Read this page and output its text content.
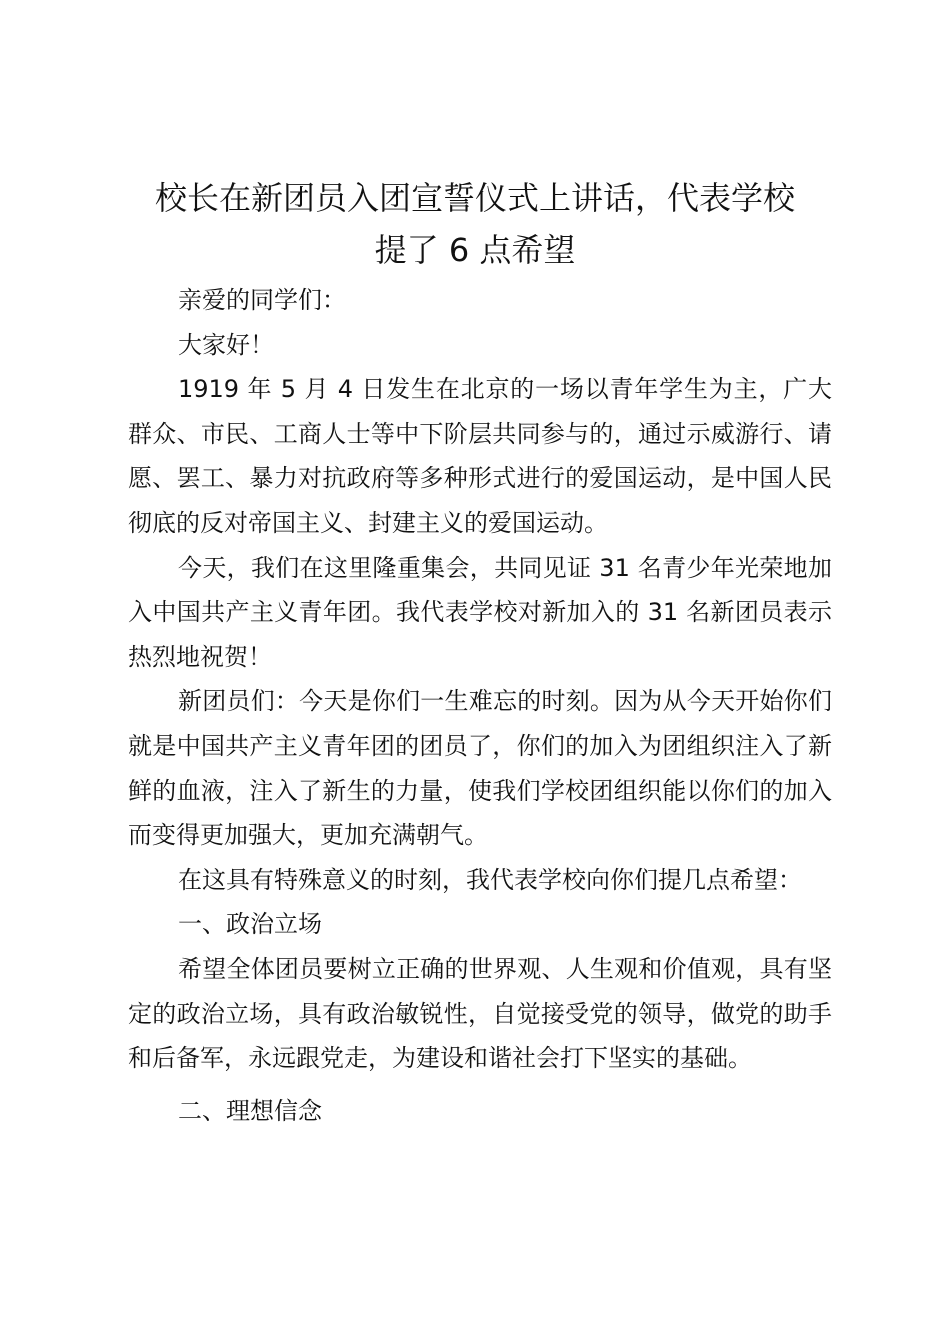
校长在新团员入团宣誓仪式上讲话，代表学校
提了 6 点希望

亲爱的同学们：

大家好！

1919 年 5 月 4 日发生在北京的一场以青年学生为主，广大群众、市民、工商人士等中下阶层共同参与的，通过示威游行、请愿、罢工、暴力对抗政府等多种形式进行的爱国运动，是中国人民彻底的反对帝国主义、封建主义的爱国运动。

今天，我们在这里隆重集会，共同见证 31 名青少年光荣地加入中国共产主义青年团。我代表学校对新加入的 31 名新团员表示热烈地祝贺！

新团员们：今天是你们一生难忘的时刻。因为从今天开始你们就是中国共产主义青年团的团员了，你们的加入为团组织注入了新鲜的血液，注入了新生的力量，使我们学校团组织能以你们的加入而变得更加强大，更加充满朝气。

在这具有特殊意义的时刻，我代表学校向你们提几点希望：

一、政治立场

希望全体团员要树立正确的世界观、人生观和价值观，具有坚定的政治立场，具有政治敏锐性，自觉接受党的领导，做党的助手和后备军，永远跟党走，为建设和谐社会打下坚实的基础。

二、理想信念
